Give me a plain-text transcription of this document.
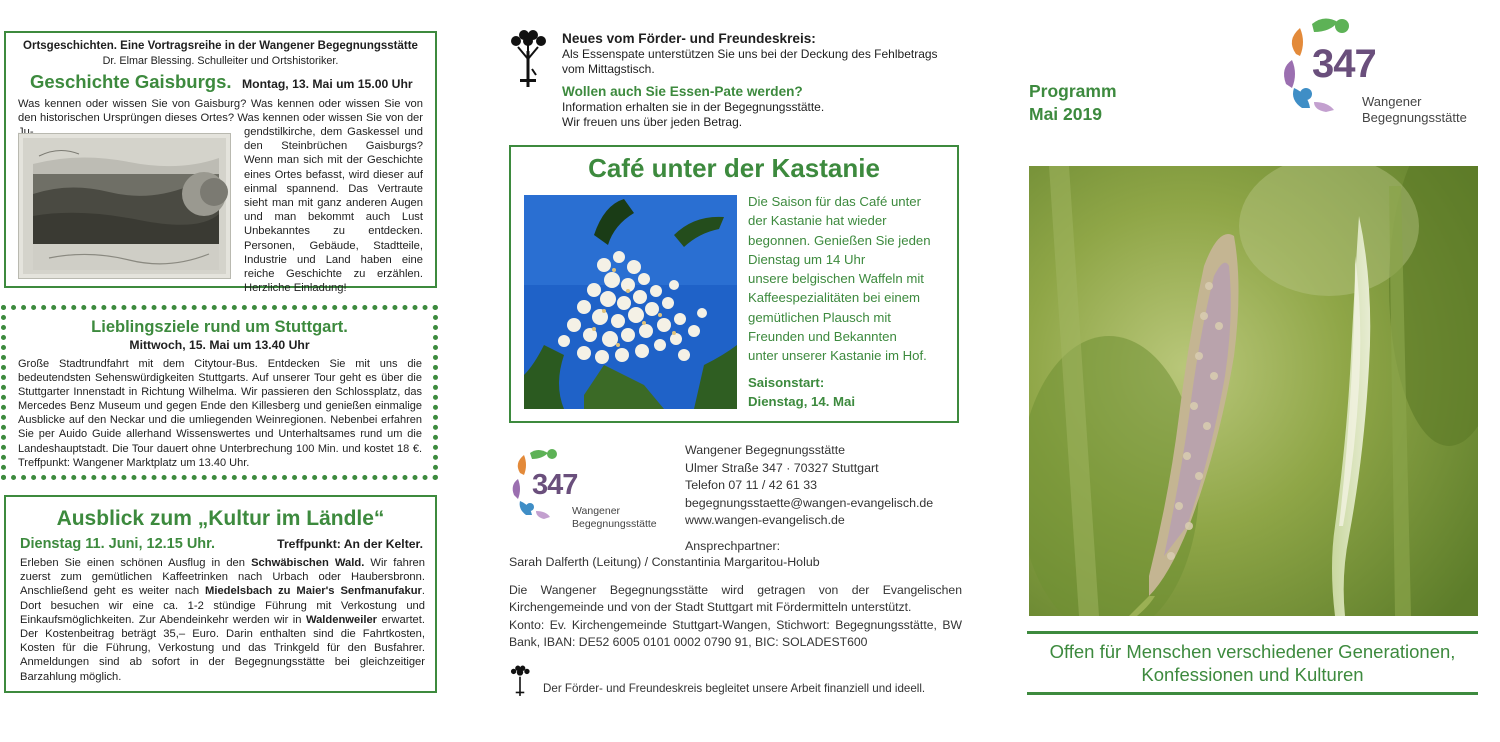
Ortsgeschichten. Eine Vortragsreihe in der Wangener Begegnungsstätte
Dr. Elmar Blessing. Schulleiter und Ortshistoriker.
Geschichte Gaisburgs. Montag, 13. Mai um 15.00 Uhr
Was kennen oder wissen Sie von Gaisburg? Was kennen oder wissen Sie von den historischen Ursprüngen dieses Ortes? Was kennen oder wissen Sie von der
gendstilkirche, dem Gaskessel und den Steinbrüchen Gaisburgs? Wenn man sich mit der Geschichte eines Ortes befasst, wird dieser auf einmal spannend. Das Vertraute sieht man mit ganz anderen Augen und man bekommt auch Lust Unbekanntes zu entdecken. Personen, Gebäude, Stadtteile, Industrie und Land haben eine reiche Geschichte zu erzählen. Herzliche Einladung!
Lieblingsziele rund um Stuttgart.
Mittwoch, 15. Mai um 13.40 Uhr
Große Stadtrundfahrt mit dem Citytour-Bus. Entdecken Sie mit uns die bedeutendsten Sehenswürdigkeiten Stuttgarts. Auf unserer Tour geht es über die Stuttgarter Innenstadt in Richtung Wilhelma. Wir passieren den Schlossplatz, das Mercedes Benz Museum und gegen Ende den Killesberg und genießen einmalige Ausblicke auf den Neckar und die umliegenden Weinregionen. Nebenbei erfahren Sie per Auido Guide allerhand Wissenswertes und Unterhaltsames rund um die Landeshauptstadt. Die Tour dauert ohne Unterbrechung 100 Min. und kostet 18 €. Treffpunkt: Wangener Marktplatz um 13.40 Uhr.
Ausblick zum „Kultur im Ländle“
Dienstag 11. Juni, 12.15 Uhr.	Treffpunkt: An der Kelter.

Erleben Sie einen schönen Ausflug in den Schwäbischen Wald. Wir fahren zuerst zum gemütlichen Kaffeetrinken nach Urbach oder Haubersbronn. Anschließend geht es weiter nach Miedelsbach zu Maier's Senfmanufakur. Dort besuchen wir eine ca. 1-2 stündige Führung mit Verkostung und Einkaufsmöglichkeiten. Zur Abendeinkehr werden wir in Waldenweiler erwartet. Der Kostenbeitrag beträgt 35,– Euro. Darin enthalten sind die Fahrtkosten, Kosten für die Führung, Verkostung und das Trinkgeld für den Busfahrer. Anmeldungen sind ab sofort in der Begegnungsstätte bei gleichzeitiger Barzahlung möglich.

Neues vom Förder- und Freundeskreis:
Als Essenspate unterstützen Sie uns bei der Deckung des Fehlbetrags
vom Mittagstisch.
Wollen auch Sie Essen-Pate werden?
Information erhalten sie in der Begegnungsstätte.
Wir freuen uns über jeden Betrag.
Café unter der Kastanie
Die Saison für das Café unter
der Kastanie hat wieder
begonnen. Genießen Sie jeden
Dienstag um 14 Uhr
unsere belgischen Waffeln mit
Kaffeespezialitäten bei einem
gemütlichen Plausch mit
Freunden und Bekannten
unter unserer Kastanie im Hof.
Saisonstart:
Dienstag, 14. Mai
347
Wangener
Begegnungsstätte
Wangener Begegnungsstätte
Ulmer Straße 347 · 70327 Stuttgart
Telefon 07 11 / 42 61 33
begegnungsstaette@wangen-evangelisch.de
www.wangen-evangelisch.de
Ansprechpartner:
Sarah Dalferth (Leitung) / Constantinia Margaritou-Holub
Die Wangener Begegnungsstätte wird getragen von der Evangelischen Kirchengemeinde und von der Stadt Stuttgart mit Fördermitteln unterstützt.
Konto: Ev. Kirchengemeinde Stuttgart-Wangen, Stichwort: Begegnungsstätte, BW Bank, IBAN: DE52 6005 0101 0002 0790 91, BIC: SOLADEST600
Der Förder- und Freundeskreis begleitet unsere Arbeit finanziell und ideell.
Programm
Mai 2019
347
Wangener
Begegnungsstätte
Offen für Menschen verschiedener Generationen,
Konfessionen und Kulturen
